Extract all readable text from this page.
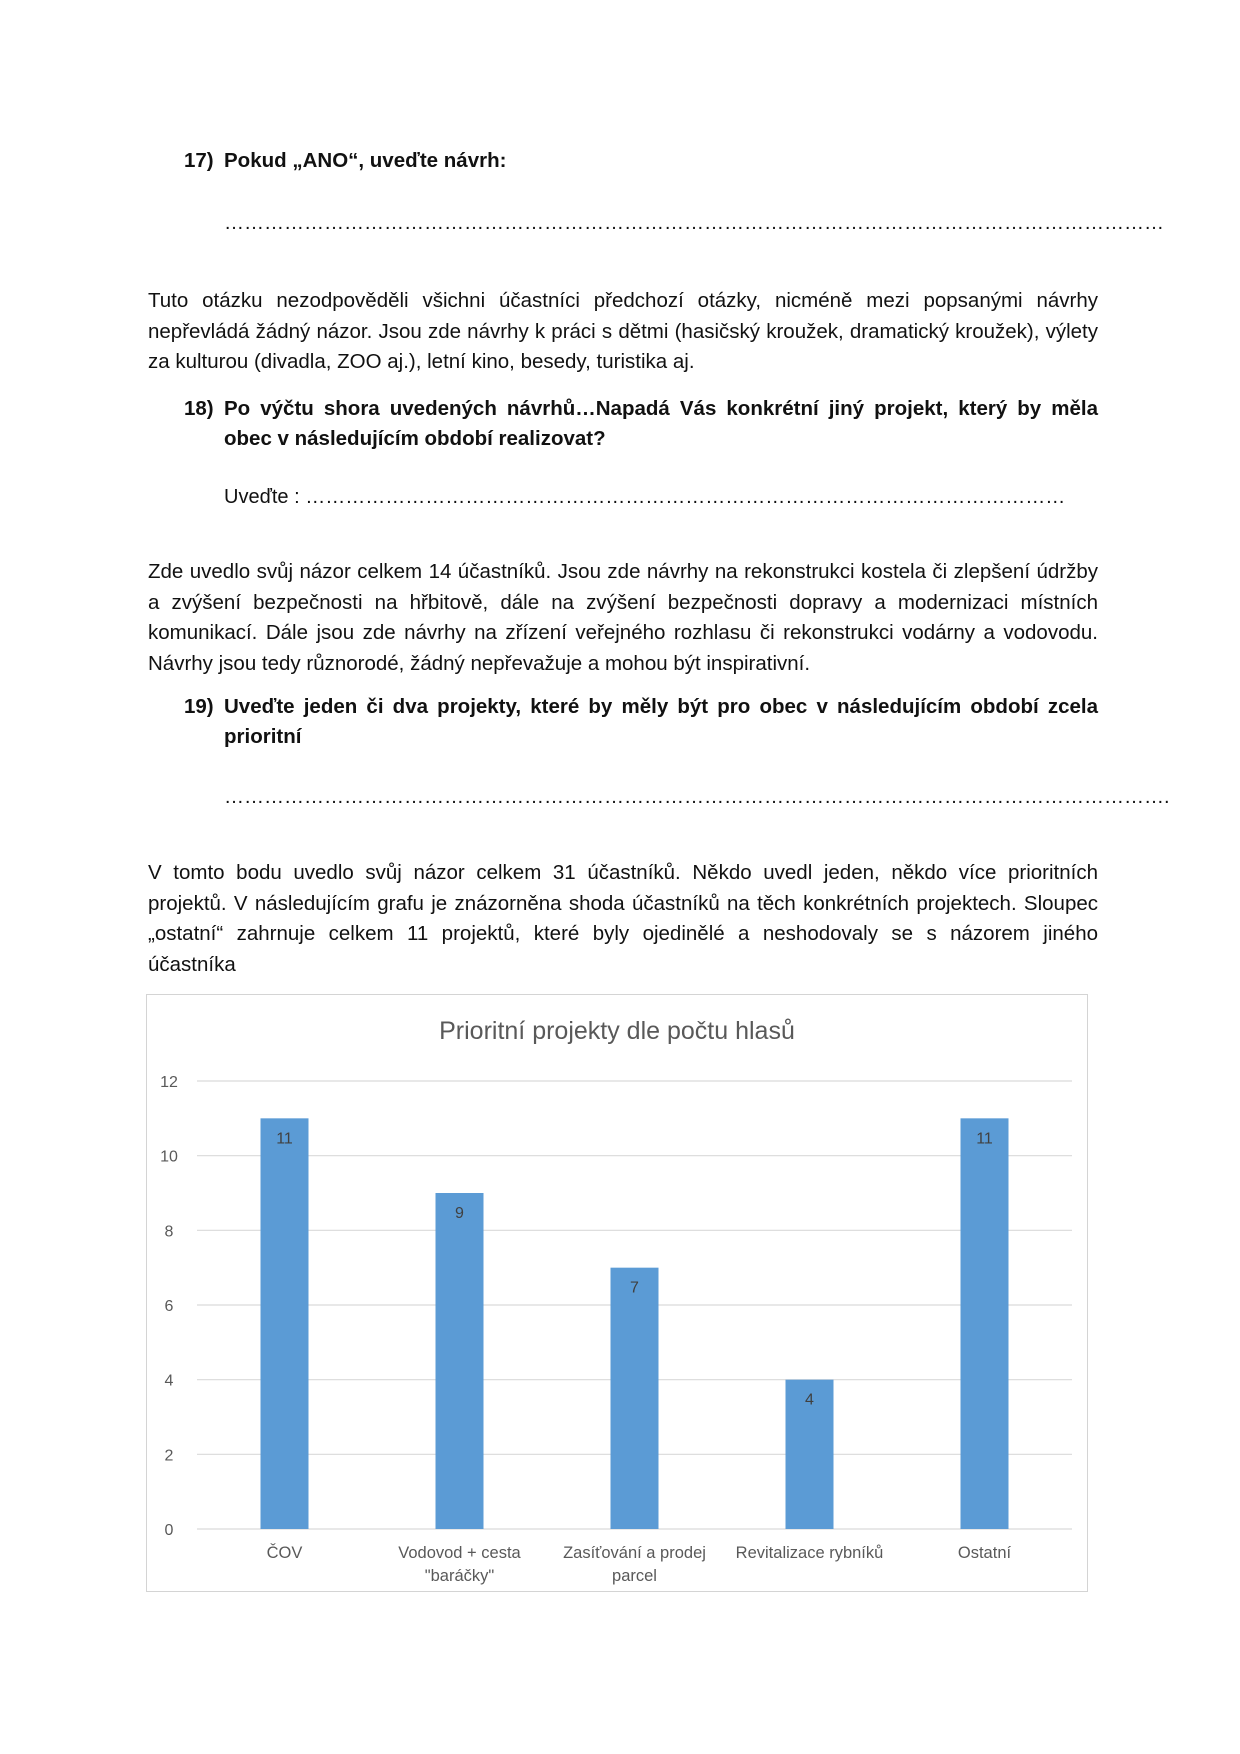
17) Pokud „ANO“, uveďte návrh:
……………………………………………………………………………………………………………………………
Tuto otázku nezodpověděli všichni účastníci předchozí otázky, nicméně mezi popsanými návrhy
nepřevládá žádný názor. Jsou zde návrhy k práci s dětmi (hasičský kroužek, dramatický kroužek), výlety
za kulturou (divadla, ZOO aj.), letní kino, besedy, turistika aj.
18) Po výčtu shora uvedených návrhů…Napadá Vás konkrétní jiný projekt, který by měla obec v následujícím období realizovat?
Uveďte : ……………………………………………………………………………………………………
Zde uvedlo svůj názor celkem 14 účastníků. Jsou zde návrhy na rekonstrukci kostela či zlepšení údržby
a zvýšení bezpečnosti na hřbitově, dále na zvýšení bezpečnosti dopravy a modernizaci místních
komunikací. Dále jsou zde návrhy na zřízení veřejného rozhlasu či rekonstrukci vodárny a vodovodu.
Návrhy jsou tedy různorodé, žádný nepřevažuje a mohou být inspirativní.
19) Uveďte jeden či dva projekty, které by měly být pro obec v následujícím období zcela prioritní
…………………………………………………………………………………………………………………………….
V tomto bodu uvedlo svůj názor celkem 31 účastníků. Někdo uvedl jeden, někdo více prioritních
projektů. V následujícím grafu je znázorněna shoda účastníků na těch konkrétních projektech. Sloupec
„ostatní“ zahrnuje celkem 11 projektů, které byly ojedinělé a neshodovaly se s názorem jiného
účastníka
Prioritní projekty dle počtu hlasů
0
2
4
6
8
10
12
11
ČOV
9
Vodovod + cesta
"baráčky"
7
Zasíťování a prodej
parcel
4
Revitalizace rybníků
11
Ostatní
